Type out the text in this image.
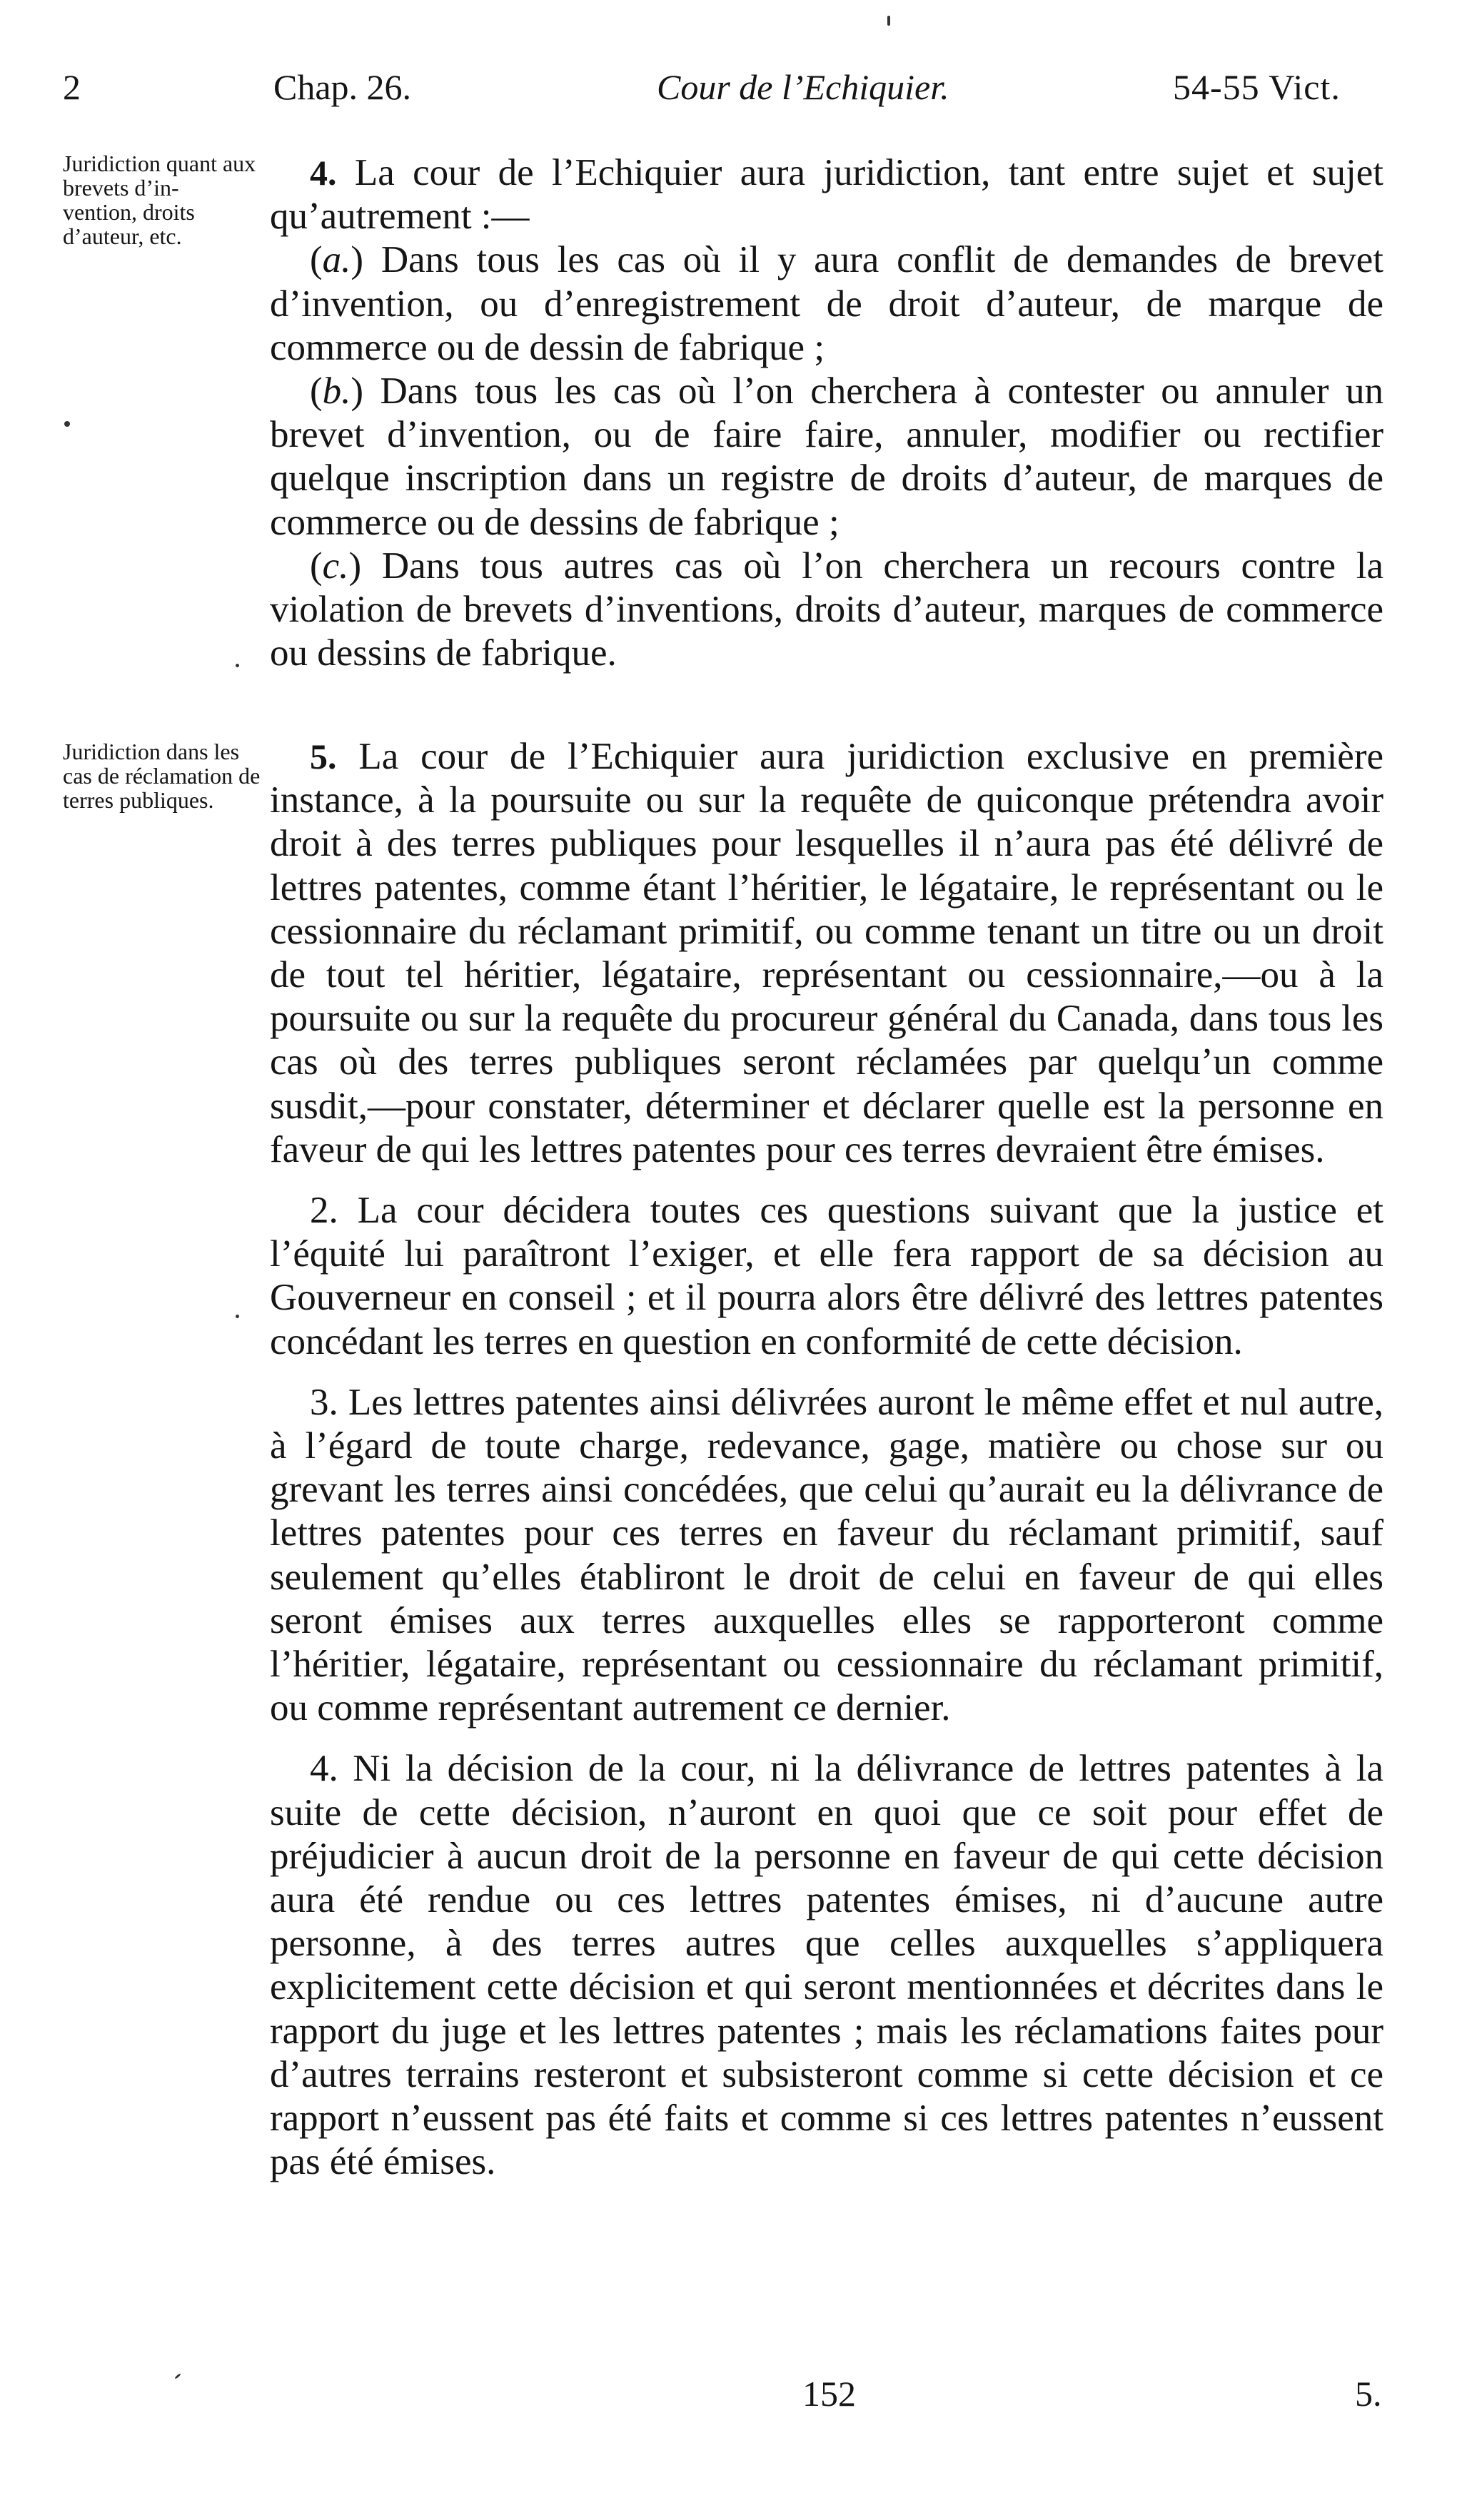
2	Chap. 26.	Cour de l’Echiquier.	54-55 Vict.
Juridiction quant aux brevets d’in-
vention, droits d’auteur, etc.

4. La cour de l’Echiquier aura juridiction, tant entre sujet et sujet qu’autrement :—

(a.) Dans tous les cas où il y aura conflit de demandes de brevet d’invention, ou d’enregistrement de droit d’auteur, de marque de commerce ou de dessin de fabrique ;

(b.) Dans tous les cas où l’on cherchera à contester ou annuler un brevet d’invention, ou de faire faire, annuler, modifier ou rectifier quelque inscription dans un registre de droits d’auteur, de marques de commerce ou de dessins de fabrique ;

(c.) Dans tous autres cas où l’on cherchera un recours contre la violation de brevets d’inventions, droits d’auteur, marques de commerce ou dessins de fabrique.

Juridiction dans les cas de réclamation de terres publiques.

5. La cour de l’Echiquier aura juridiction exclusive en première instance, à la poursuite ou sur la requête de quiconque prétendra avoir droit à des terres publiques pour lesquelles il n’aura pas été délivré de lettres patentes, comme étant l’héritier, le légataire, le représentant ou le cessionnaire du réclamant primitif, ou comme tenant un titre ou un droit de tout tel héritier, légataire, représentant ou cessionnaire,—ou à la poursuite ou sur la requête du procureur général du Canada, dans tous les cas où des terres publiques seront réclamées par quelqu’un comme susdit,—pour constater, déterminer et déclarer quelle est la personne en faveur de qui les lettres patentes pour ces terres devraient être émises.

2. La cour décidera toutes ces questions suivant que la justice et l’équité lui paraîtront l’exiger, et elle fera rapport de sa décision au Gouverneur en conseil ; et il pourra alors être délivré des lettres patentes concédant les terres en question en conformité de cette décision.

3. Les lettres patentes ainsi délivrées auront le même effet et nul autre, à l’égard de toute charge, redevance, gage, matière ou chose sur ou grevant les terres ainsi concédées, que celui qu’aurait eu la délivrance de lettres patentes pour ces terres en faveur du réclamant primitif, sauf seulement qu’elles établiront le droit de celui en faveur de qui elles seront émises aux terres auxquelles elles se rapporteront comme l’héritier, légataire, représentant ou cessionnaire du réclamant primitif, ou comme représentant autrement ce dernier.

4. Ni la décision de la cour, ni la délivrance de lettres patentes à la suite de cette décision, n’auront en quoi que ce soit pour effet de préjudicier à aucun droit de la personne en faveur de qui cette décision aura été rendue ou ces lettres patentes émises, ni d’aucune autre personne, à des terres autres que celles auxquelles s’appliquera explicitement cette décision et qui seront mentionnées et décrites dans le rapport du juge et les lettres patentes ; mais les réclamations faites pour d’autres terrains resteront et subsisteront comme si cette décision et ce rapport n’eussent pas été faits et comme si ces lettres patentes n’eussent pas été émises.

152	5.
